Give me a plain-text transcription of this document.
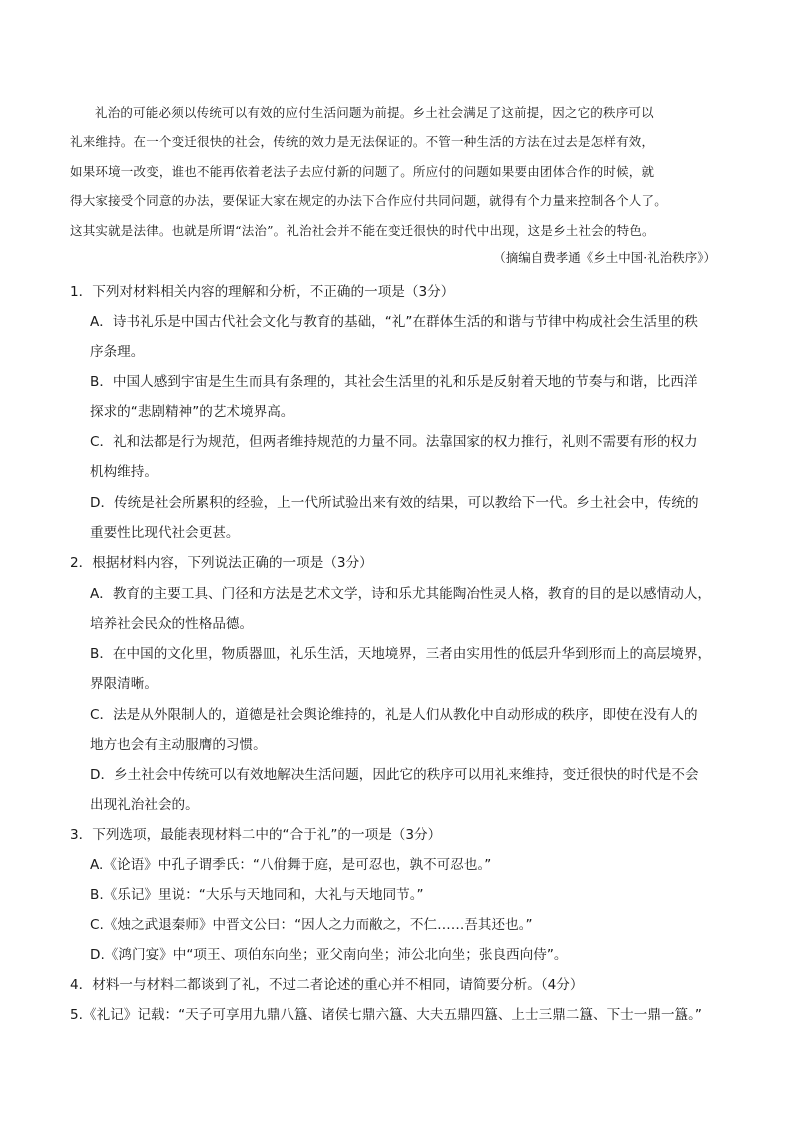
礼治的可能必须以传统可以有效的应付生活问题为前提。乡土社会满足了这前提，因之它的秩序可以
礼来维持。在一个变迁很快的社会，传统的效力是无法保证的。不管一种生活的方法在过去是怎样有效，
如果环境一改变，谁也不能再依着老法子去应付新的问题了。所应付的问题如果要由团体合作的时候，就
得大家接受个同意的办法，要保证大家在规定的办法下合作应付共同问题，就得有个力量来控制各个人了。
这其实就是法律。也就是所谓“法治”。礼治社会并不能在变迁很快的时代中出现，这是乡土社会的特色。
（摘编自费孝通《乡土中国·礼治秩序》）
1．下列对材料相关内容的理解和分析，不正确的一项是（3分）
A．诗书礼乐是中国古代社会文化与教育的基础，“礼”在群体生活的和谐与节律中构成社会生活里的秩
序条理。
B．中国人感到宇宙是生生而具有条理的，其社会生活里的礼和乐是反射着天地的节奏与和谐，比西洋
探求的“悲剧精神”的艺术境界高。
C．礼和法都是行为规范，但两者维持规范的力量不同。法靠国家的权力推行，礼则不需要有形的权力
机构维持。
D．传统是社会所累积的经验，上一代所试验出来有效的结果，可以教给下一代。乡土社会中，传统的
重要性比现代社会更甚。
2．根据材料内容，下列说法正确的一项是（3分）
A．教育的主要工具、门径和方法是艺术文学，诗和乐尤其能陶冶性灵人格，教育的目的是以感情动人，
培养社会民众的性格品德。
B．在中国的文化里，物质器皿，礼乐生活，天地境界，三者由实用性的低层升华到形而上的高层境界，
界限清晰。
C．法是从外限制人的，道德是社会舆论维持的，礼是人们从教化中自动形成的秩序，即使在没有人的
地方也会有主动服膺的习惯。
D．乡土社会中传统可以有效地解决生活问题，因此它的秩序可以用礼来维持，变迁很快的时代是不会
出现礼治社会的。
3．下列选项，最能表现材料二中的“合于礼”的一项是（3分）
A.《论语》中孔子谓季氏：“八佾舞于庭，是可忍也，孰不可忍也。”
B.《乐记》里说：“大乐与天地同和，大礼与天地同节。”
C.《烛之武退秦师》中晋文公曰：“因人之力而敝之，不仁……吾其还也。”
D.《鸿门宴》中“项王、项伯东向坐；亚父南向坐；沛公北向坐；张良西向侍”。
4．材料一与材料二都谈到了礼，不过二者论述的重心并不相同，请简要分析。（4分）
5.《礼记》记载：“天子可享用九鼎八簋、诸侯七鼎六簋、大夫五鼎四簋、上士三鼎二簋、下士一鼎一簋。”
